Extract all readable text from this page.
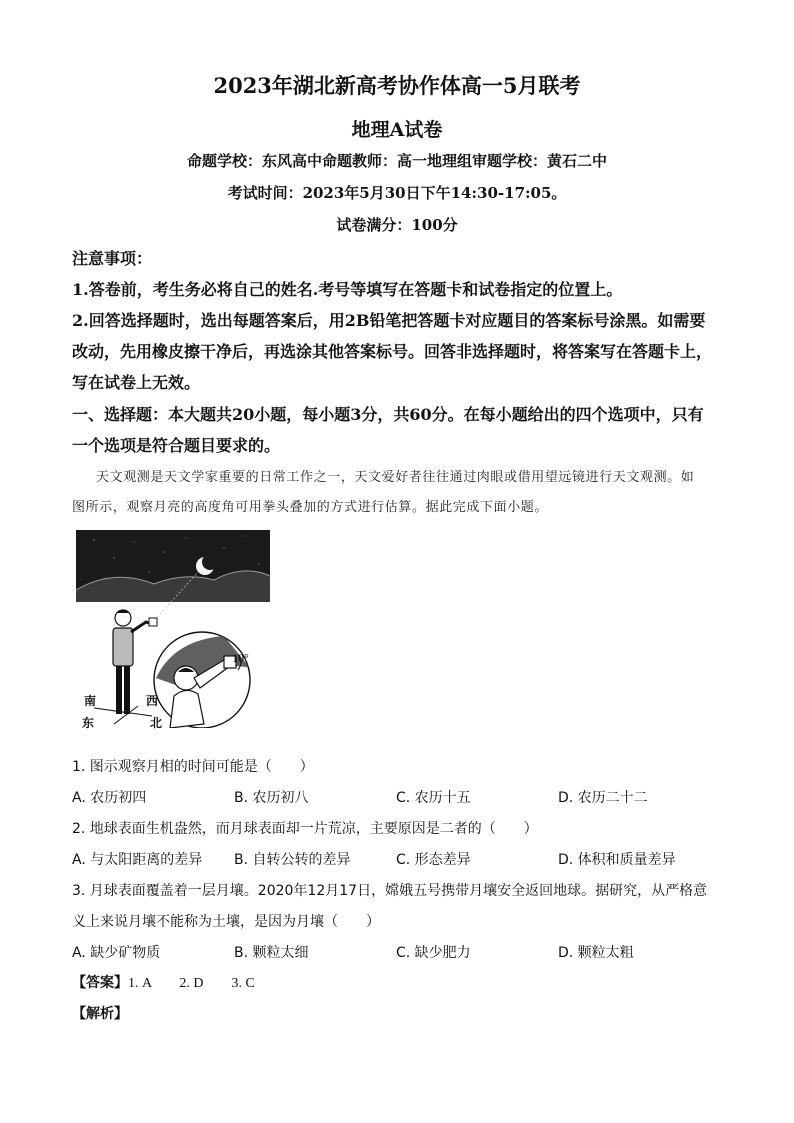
2023年湖北新高考协作体高一5月联考
地理A试卷
命题学校：东风高中命题教师：高一地理组审题学校：黄石二中
考试时间：2023年5月30日下午14:30-17:05。
试卷满分：100分
注意事项：
1.答卷前，考生务必将自己的姓名.考号等填写在答题卡和试卷指定的位置上。
2.回答选择题时，选出每题答案后，用2B铅笔把答题卡对应题目的答案标号涂黑。如需要
改动，先用橡皮擦干净后，再选涂其他答案标号。回答非选择题时，将答案写在答题卡上，
写在试卷上无效。
一、选择题：本大题共20小题，每小题3分，共60分。在每小题给出的四个选项中，只有
一个选项是符合题目要求的。
天文观测是天文学家重要的日常工作之一，天文爱好者往往通过肉眼或借用望远镜进行天文观测。如
图所示，观察月亮的高度角可用拳头叠加的方式进行估算。据此完成下面小题。
10°
南	西
东	北
1. 图示观察月相的时间可能是（　　）
A. 农历初四	B. 农历初八	C. 农历十五	D. 农历二十二
2. 地球表面生机盎然，而月球表面却一片荒凉，主要原因是二者的（　　）
A. 与太阳距离的差异 B. 自转公转的差异	C. 形态差异	D. 体积和质量差异
3. 月球表面覆盖着一层月壤。2020年12月17日，嫦娥五号携带月壤安全返回地球。据研究，从严格意
义上来说月壤不能称为土壤，是因为月壤（　　）
A. 缺少矿物质	B. 颗粒太细	C. 缺少肥力	D. 颗粒太粗
【答案】1. A　　2. D　　3. C
【解析】
